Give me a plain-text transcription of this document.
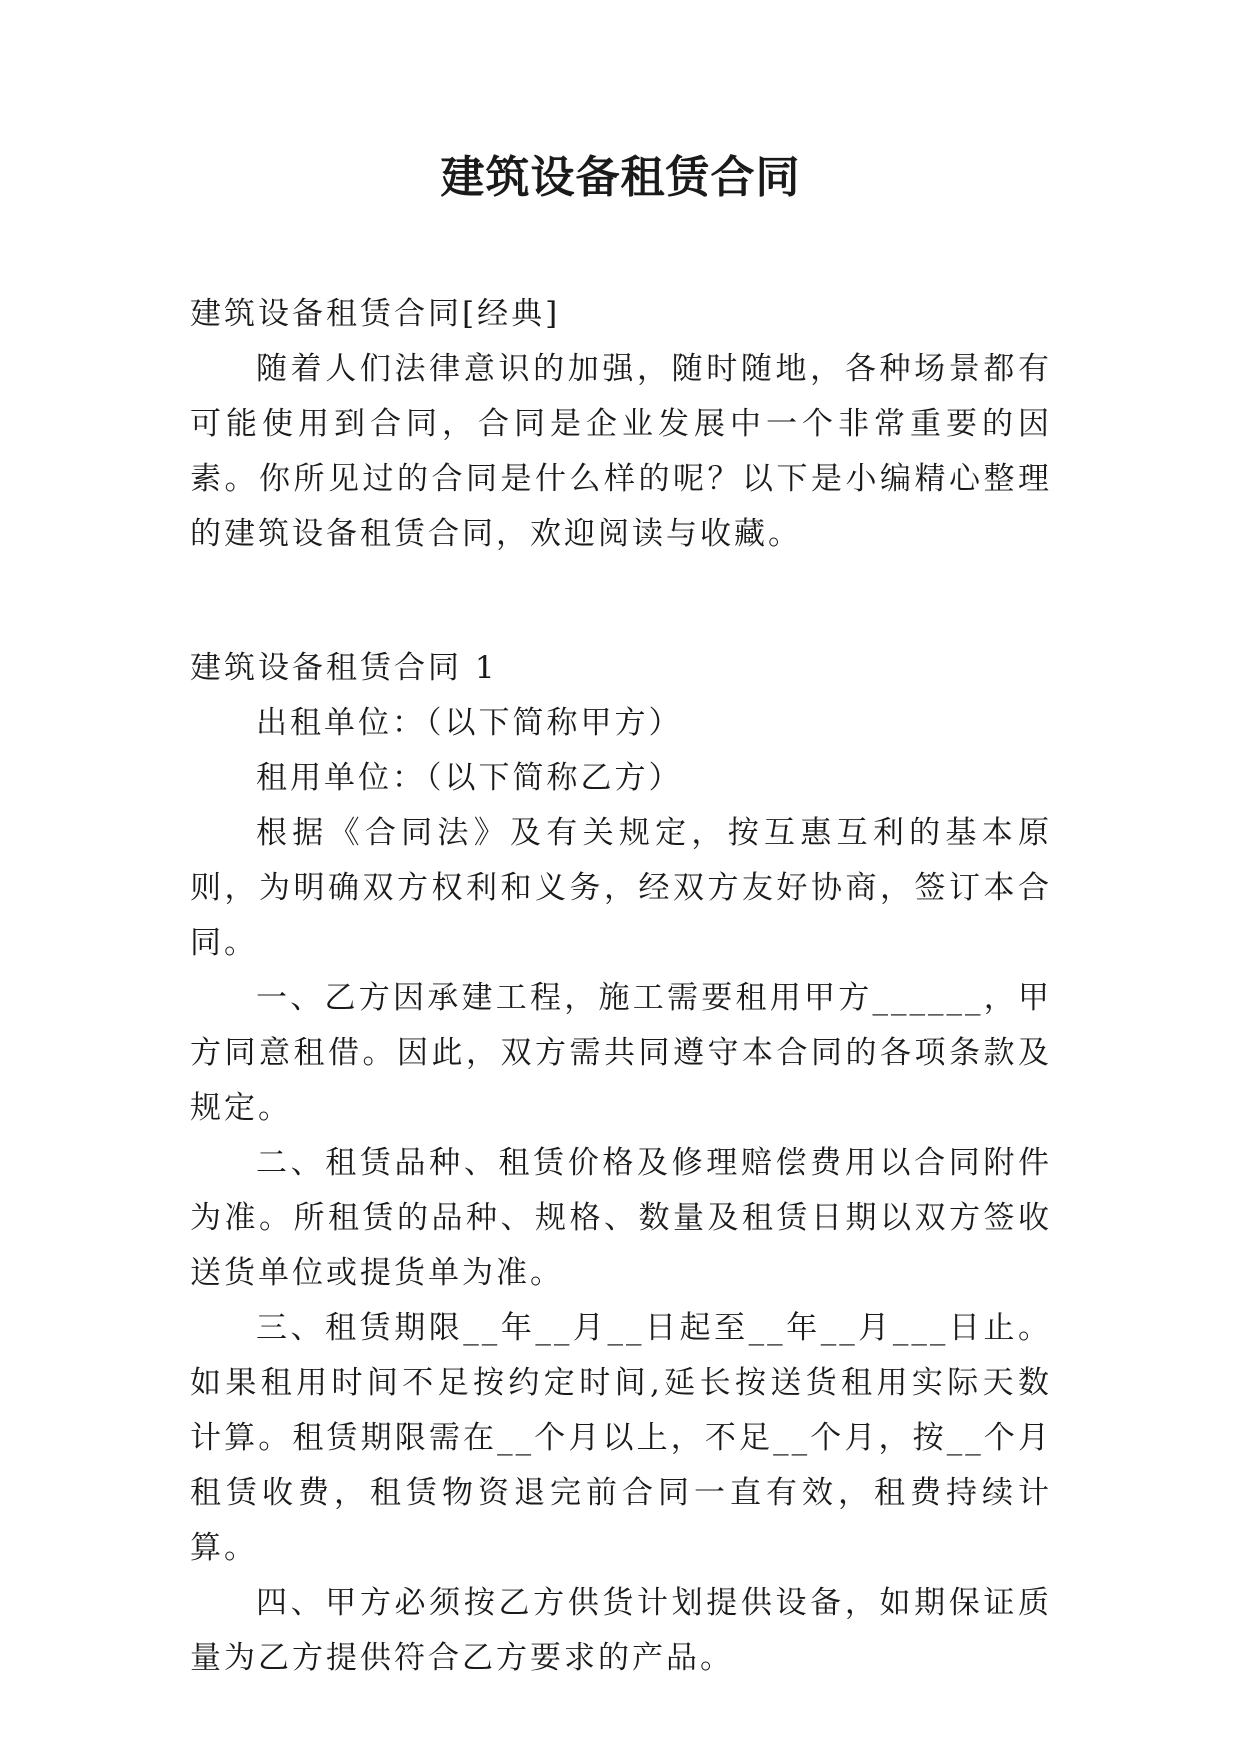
建筑设备租赁合同

建筑设备租赁合同[经典]

随着人们法律意识的加强，随时随地，各种场景都有可能使用到合同，合同是企业发展中一个非常重要的因素。你所见过的合同是什么样的呢？以下是小编精心整理的建筑设备租赁合同，欢迎阅读与收藏。

建筑设备租赁合同 1

出租单位：（以下简称甲方）

租用单位：（以下简称乙方）

根据《合同法》及有关规定，按互惠互利的基本原则，为明确双方权利和义务，经双方友好协商，签订本合同。

一、乙方因承建工程，施工需要租用甲方______，甲方同意租借。因此，双方需共同遵守本合同的各项条款及规定。

二、租赁品种、租赁价格及修理赔偿费用以合同附件为准。所租赁的品种、规格、数量及租赁日期以双方签收送货单位或提货单为准。

三、租赁期限__年__月__日起至__年__月___日止。如果租用时间不足按约定时间,延长按送货租用实际天数计算。租赁期限需在__个月以上，不足__个月，按__个月租赁收费，租赁物资退完前合同一直有效，租费持续计算。

四、甲方必须按乙方供货计划提供设备，如期保证质量为乙方提供符合乙方要求的产品。
